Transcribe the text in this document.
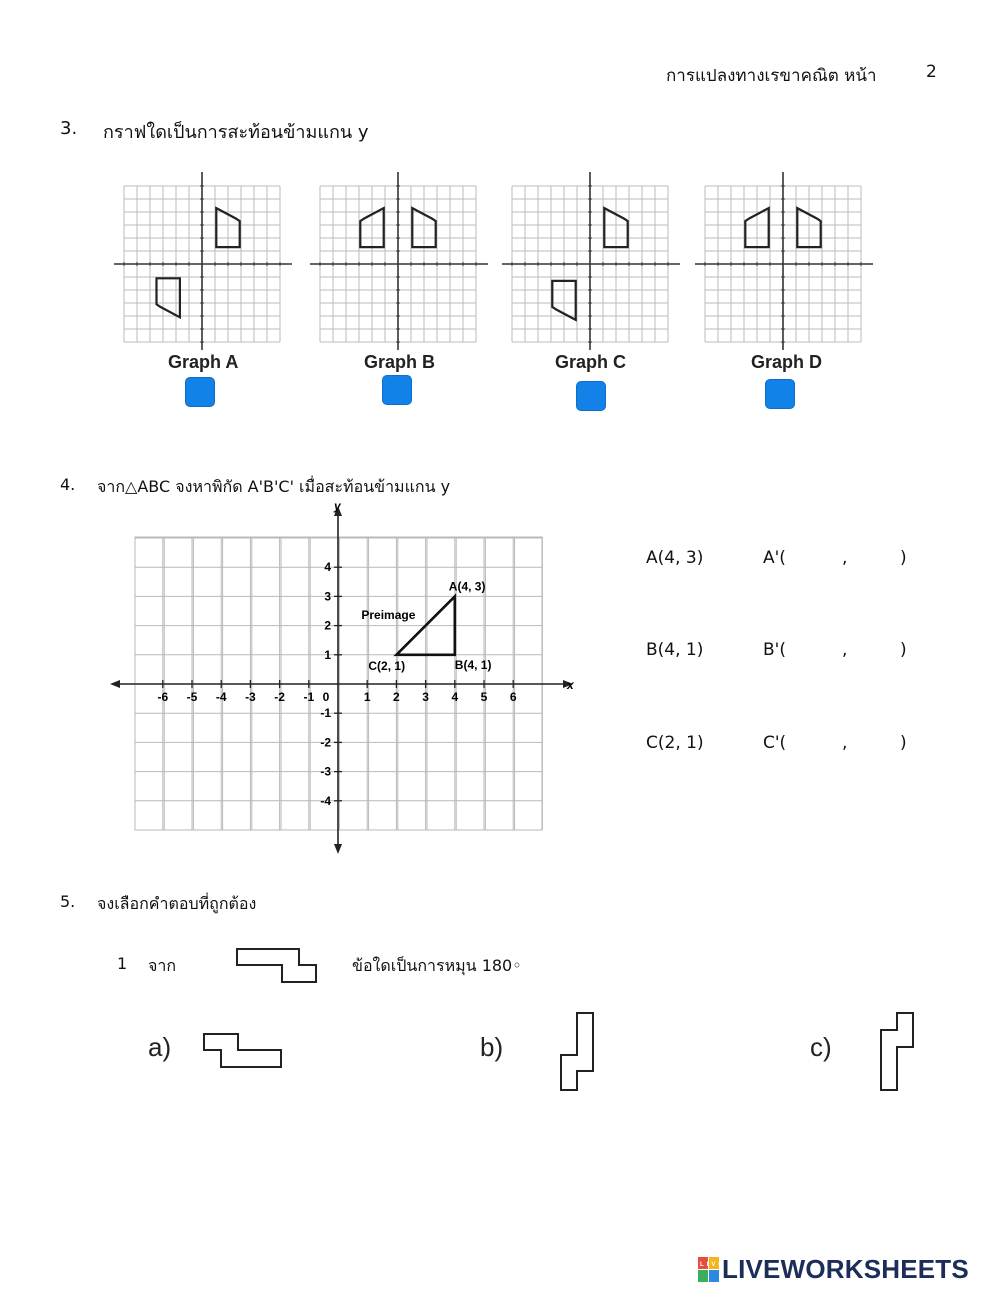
การแปลงทางเรขาคณิต หน้า	2
3. กราฟใดเป็นการสะท้อนข้ามแกน y
Graph A	Graph B	Graph C	Graph D
4. จาก△ABC จงหาพิกัด A'B'C' เมื่อสะท้อนข้ามแกน y
x
y
-6 -5 -4 -3 -2 -1 0	1 2 3 4 5 6
1
2
3
4
-1
-2
-3
-4
A(4, 3)
B(4, 1)
C(2, 1)
Preimage
A(4, 3)	A'(	,	)
B(4, 1)	B'(	,	)
C(2, 1)	C'(	,	)
5. จงเลือกคำตอบที่ถูกต้อง
1 จาก	ข้อใดเป็นการหมุน 180◦
a)	b)	c)
LIVE
LIVEWORKSHEETS
